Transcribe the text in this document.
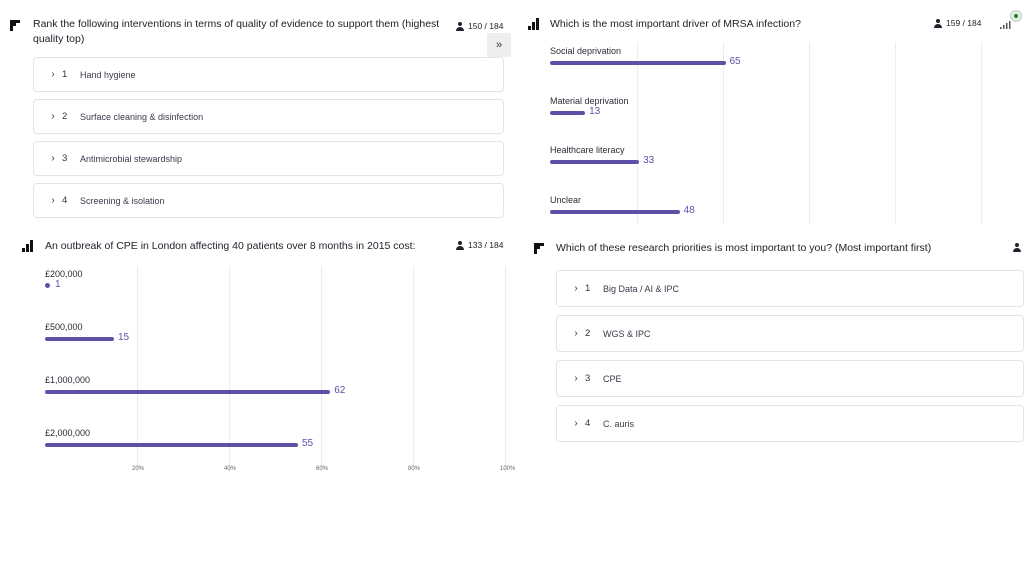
Rank the following interventions in terms of quality of evidence to support them (highest quality top)
150 / 184
»
Which is the most important driver of MRSA infection?	159 / 184
An outbreak of CPE in London affecting 40 patients over 8 months in 2015 cost:	133 / 184	Which of these research priorities is most important to you? (Most important first)
› 1	Hand hygiene
› 2	Surface cleaning & disinfection
› 3	Antimicrobial stewardship
› 4	Screening & isolation
› 1	Big Data / AI & IPC
› 2	WGS & IPC
› 3	CPE
› 4	C. auris
Social deprivation
65
Material deprivation
13
Healthcare literacy
33
Unclear
48
£200,000
1
£500,000
15
£1,000,000
62
£2,000,000
55
20%	40%	60%	80%	100%
